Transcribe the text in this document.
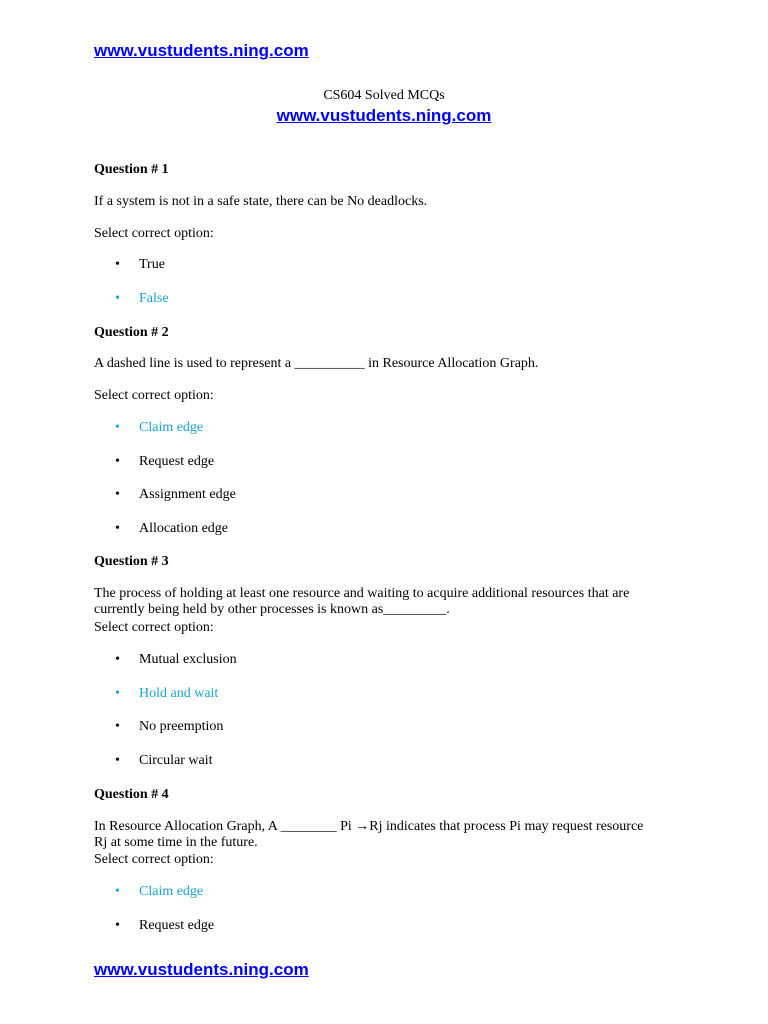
www.vustudents.ning.com
CS604 Solved MCQs
www.vustudents.ning.com
Question # 1
If a system is not in a safe state, there can be No deadlocks.
Select correct option:
• True
• False
Question # 2
A dashed line is used to represent a __________ in Resource Allocation Graph.
Select correct option:
• Claim edge
• Request edge
• Assignment edge
• Allocation edge
Question # 3
The process of holding at least one resource and waiting to acquire additional resources that are currently being held by other processes is known as_________.
Select correct option:
• Mutual exclusion
• Hold and wait
• No preemption
• Circular wait
Question # 4
In Resource Allocation Graph, A ________ Pi →Rj indicates that process Pi may request resource Rj at some time in the future.
Select correct option:
• Claim edge
• Request edge
www.vustudents.ning.com
